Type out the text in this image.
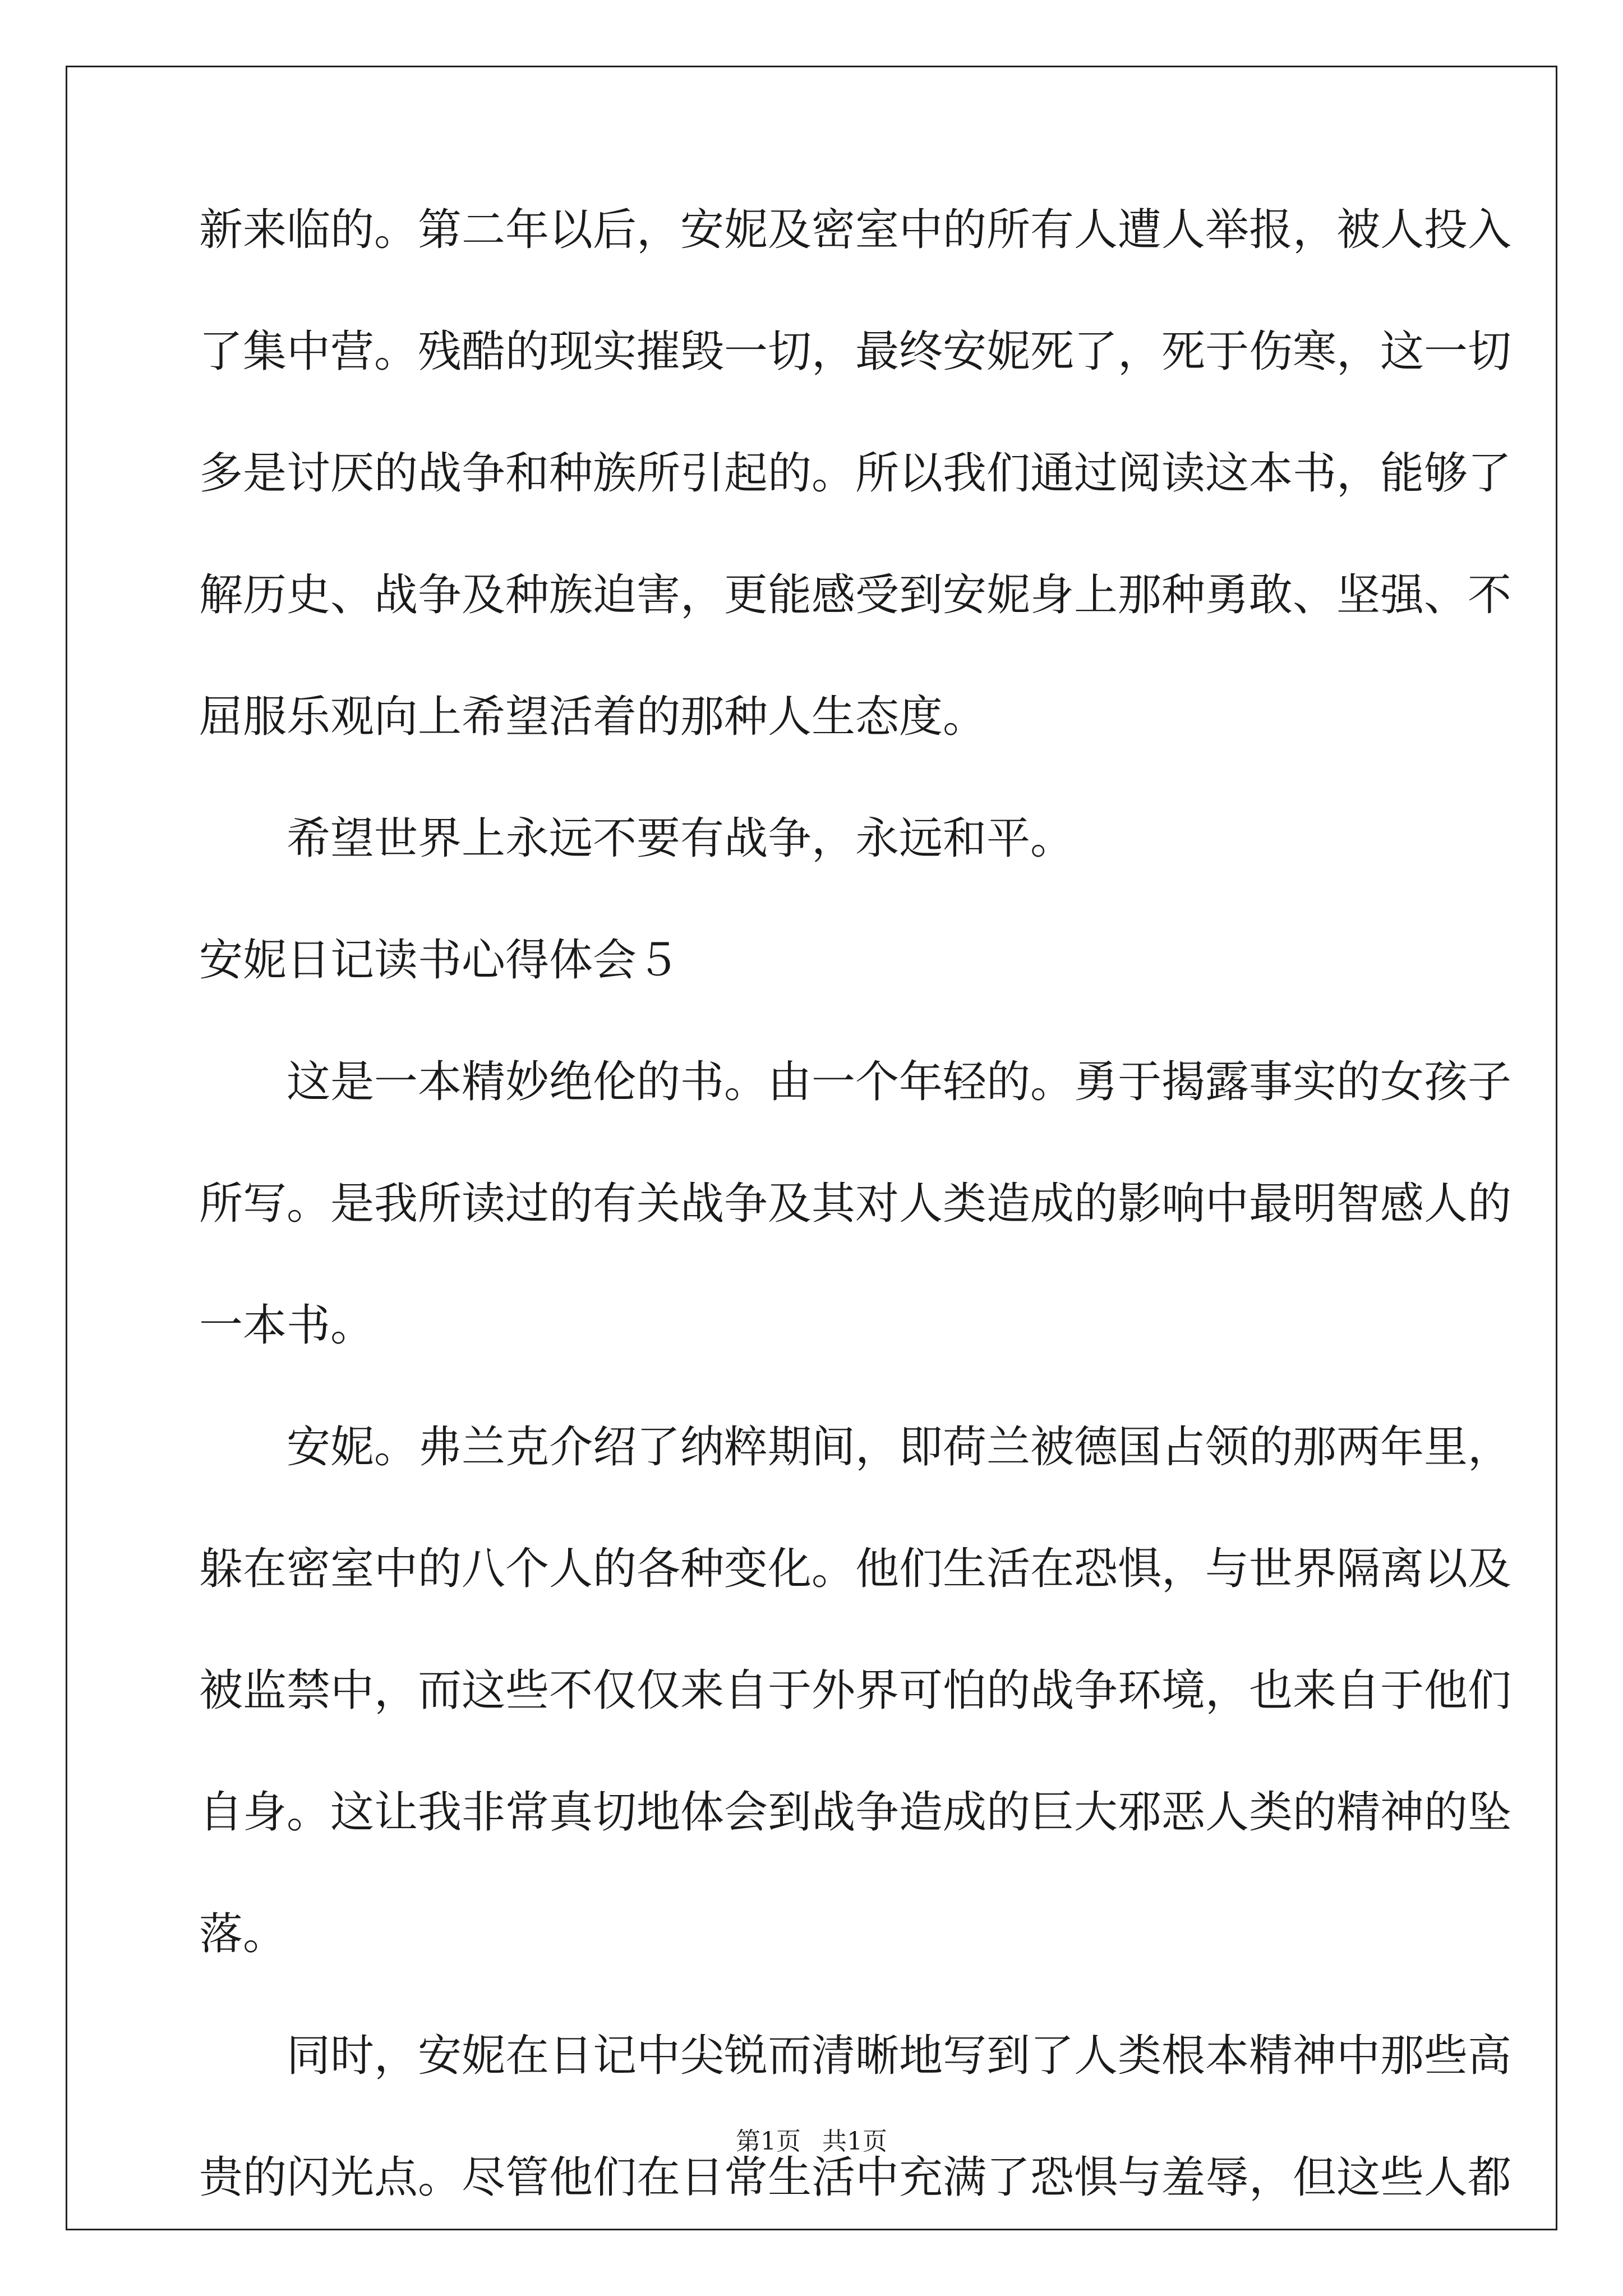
新来临的。第二年以后，安妮及密室中的所有人遭人举报，被人投入
了集中营。残酷的现实摧毁一切，最终安妮死了，死于伤寒，这一切
多是讨厌的战争和种族所引起的。所以我们通过阅读这本书，能够了
解历史、战争及种族迫害，更能感受到安妮身上那种勇敢、坚强、不
屈服乐观向上希望活着的那种人生态度。
希望世界上永远不要有战争，永远和平。
安妮日记读书心得体会５
这是一本精妙绝伦的书。由一个年轻的。勇于揭露事实的女孩子
所写。是我所读过的有关战争及其对人类造成的影响中最明智感人的
一本书。
安妮。弗兰克介绍了纳粹期间，即荷兰被德国占领的那两年里，
躲在密室中的八个人的各种变化。他们生活在恐惧，与世界隔离以及
被监禁中，而这些不仅仅来自于外界可怕的战争环境，也来自于他们
自身。这让我非常真切地体会到战争造成的巨大邪恶人类的精神的坠
落。
同时，安妮在日记中尖锐而清晰地写到了人类根本精神中那些高
贵的闪光点。尽管他们在日常生活中充满了恐惧与羞辱，但这些人都
第1页 共1页
